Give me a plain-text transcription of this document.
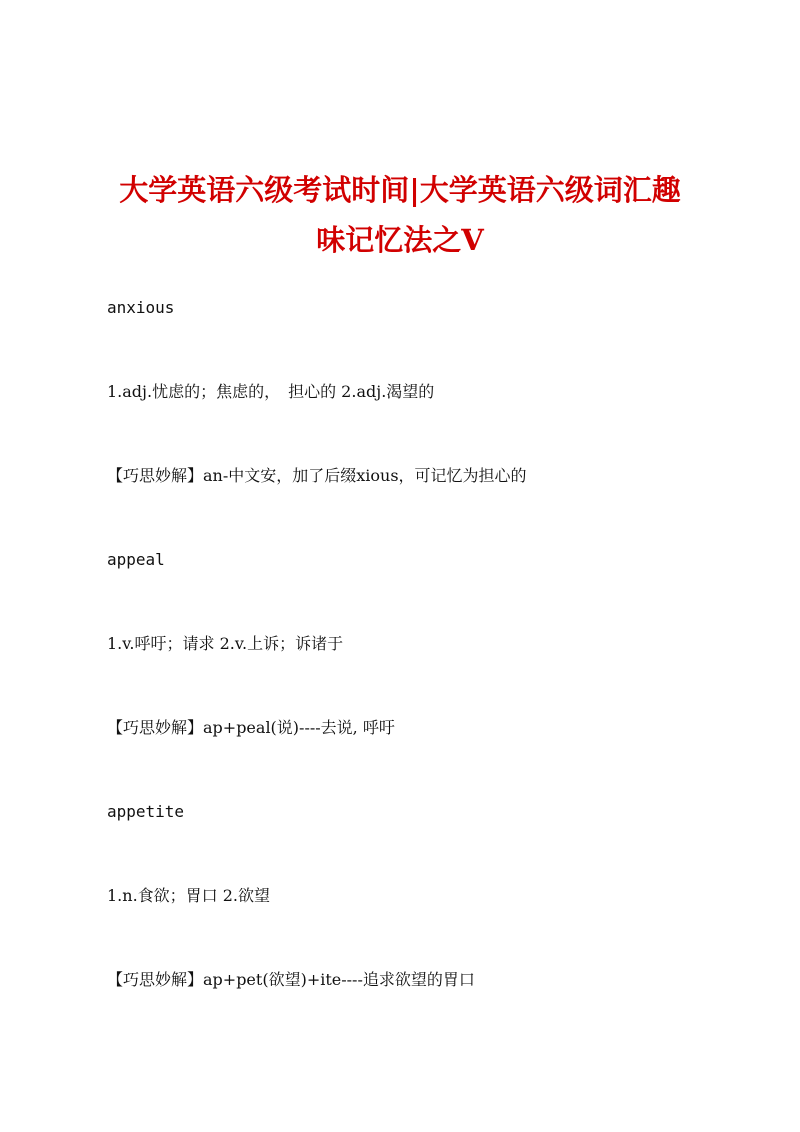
大学英语六级考试时间|大学英语六级词汇趣
味记忆法之V
anxious
1.adj.忧虑的；焦虑的，　担心的 2.adj.渴望的
【巧思妙解】an-中文安，加了后缀xious，可记忆为担心的
appeal
1.v.呼吁；请求 2.v.上诉；诉诸于
【巧思妙解】ap+peal(说)----去说, 呼吁
appetite
1.n.食欲；胃口 2.欲望
【巧思妙解】ap+pet(欲望)+ite----追求欲望的胃口
